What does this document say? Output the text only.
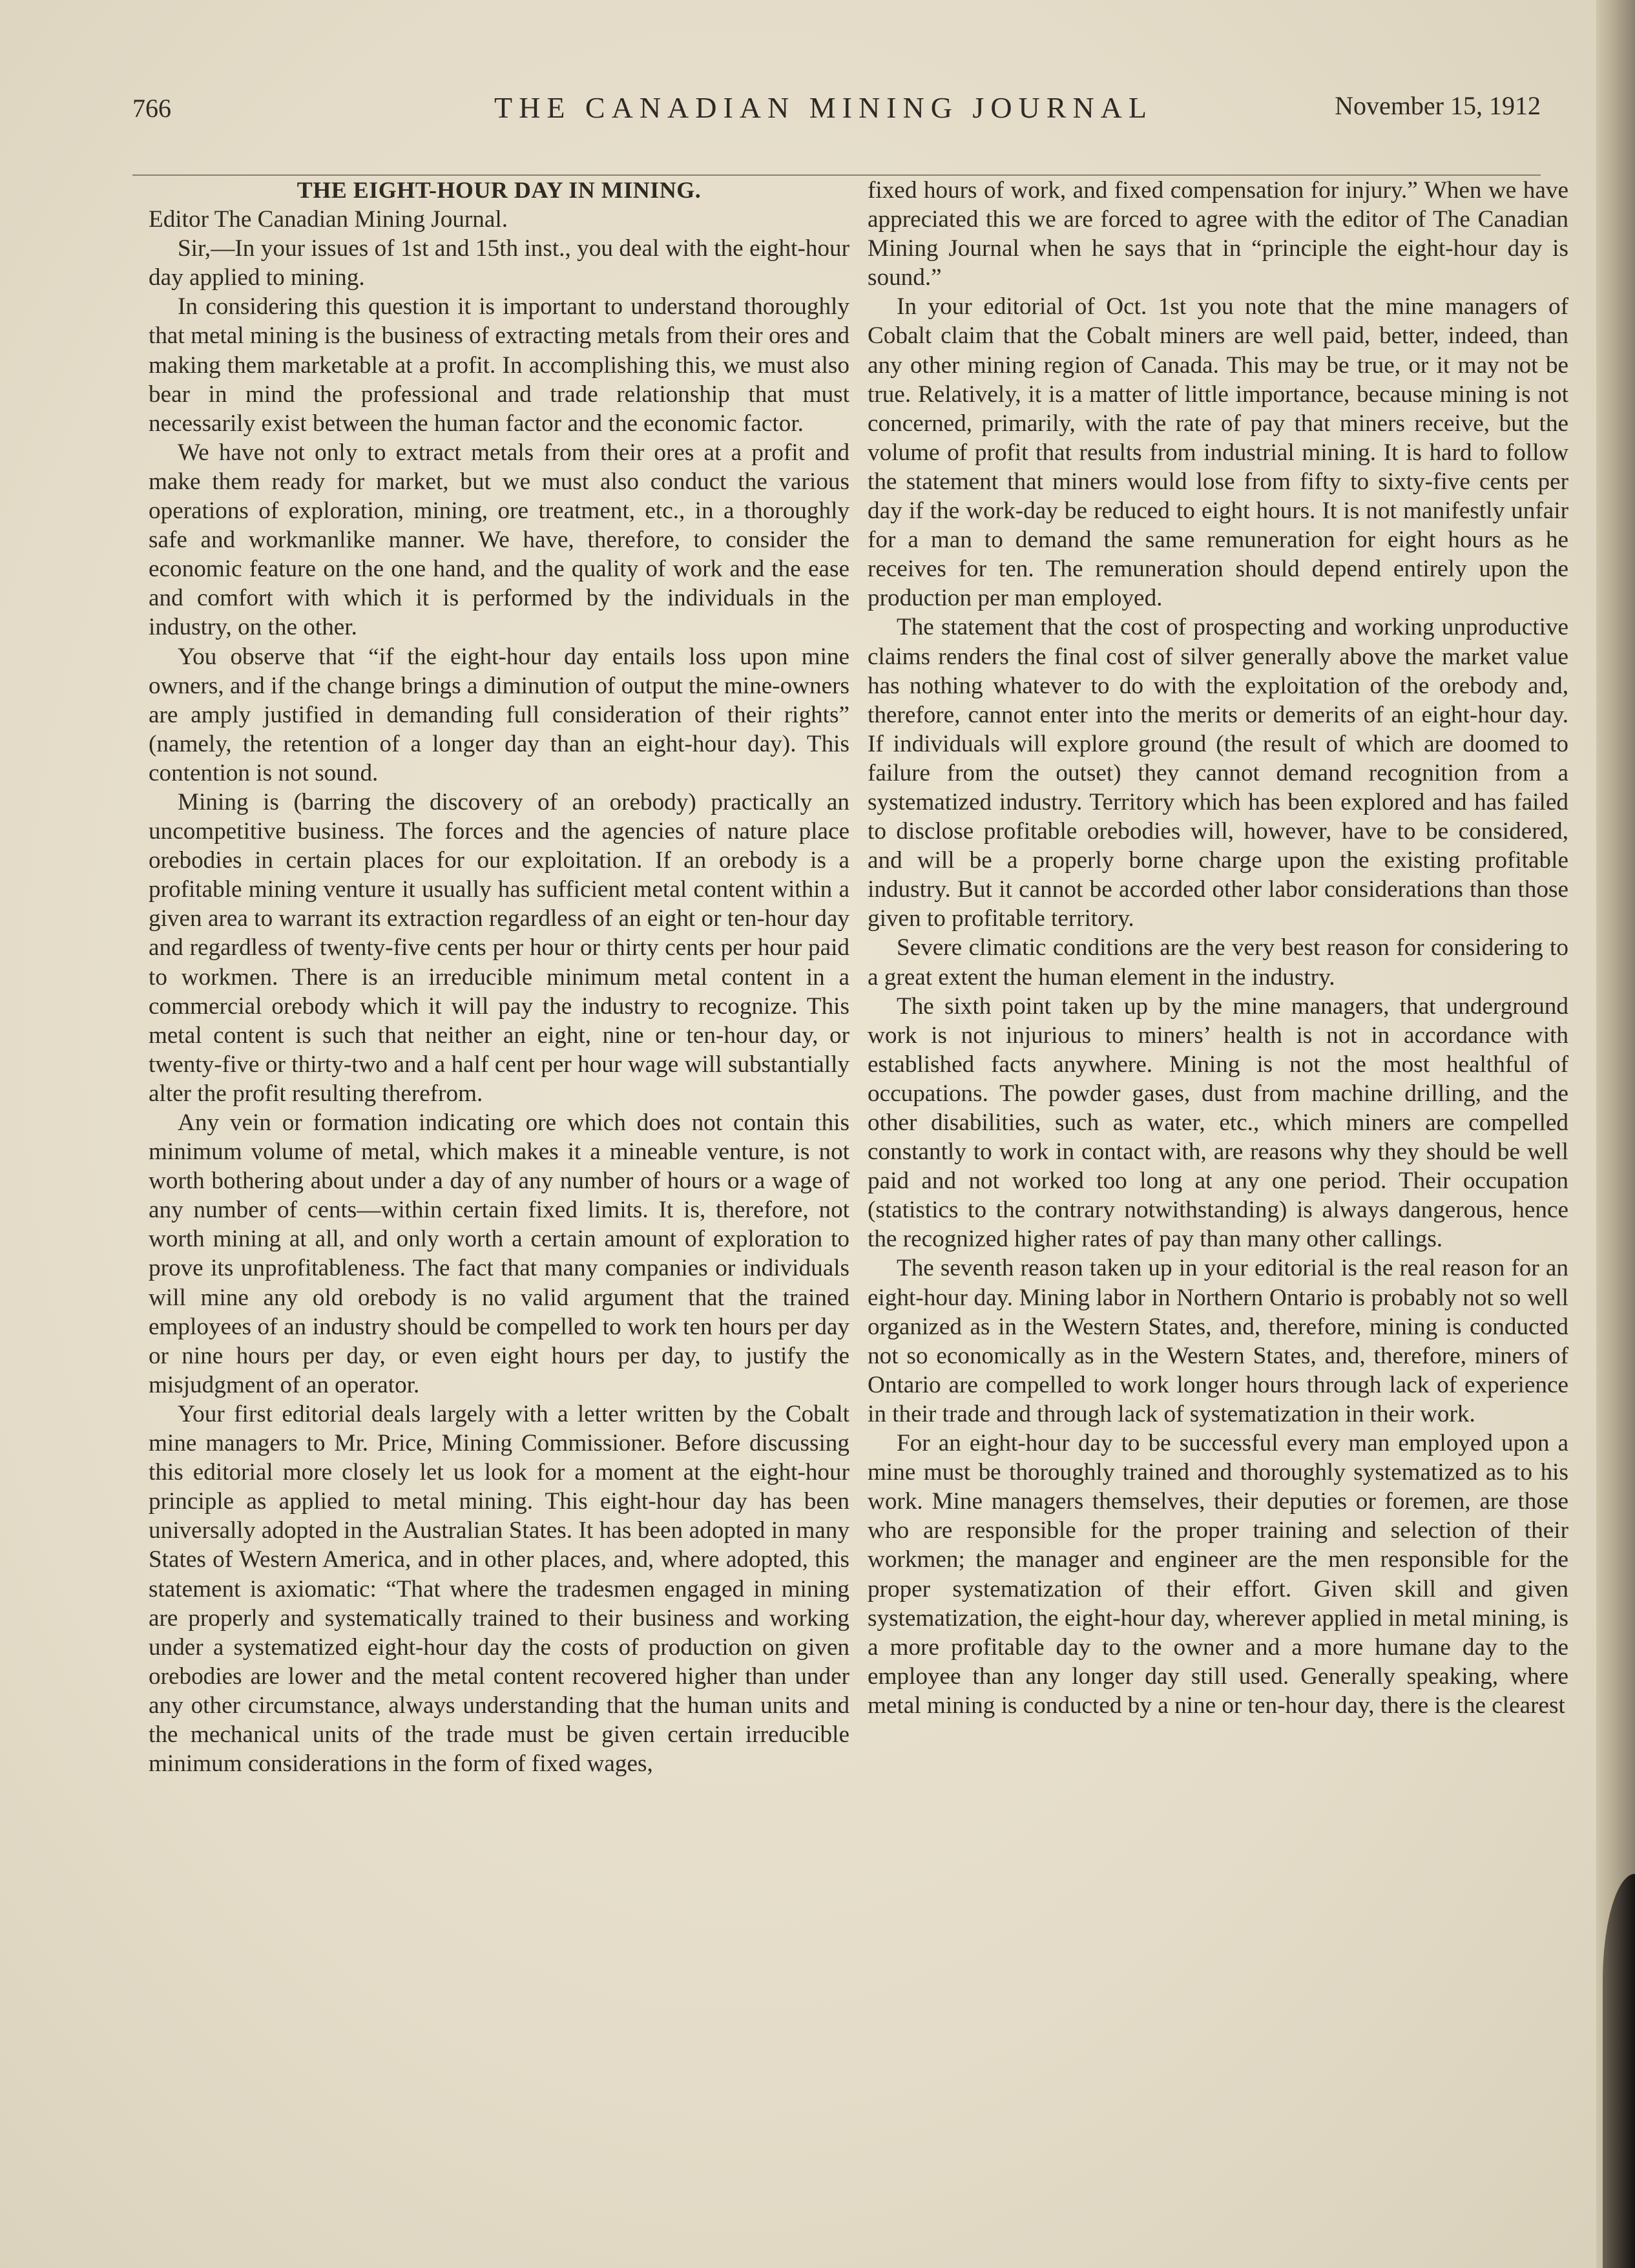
766	THE CANADIAN MINING JOURNAL	November 15, 1912
THE EIGHT-HOUR DAY IN MINING.

Editor The Canadian Mining Journal.

Sir,—In your issues of 1st and 15th inst., you deal with the eight-hour day applied to mining.

In considering this question it is important to understand thoroughly that metal mining is the business of extracting metals from their ores and making them marketable at a profit. In accomplishing this, we must also bear in mind the professional and trade relationship that must necessarily exist between the human factor and the economic factor.

We have not only to extract metals from their ores at a profit and make them ready for market, but we must also conduct the various operations of exploration, mining, ore treatment, etc., in a thoroughly safe and workmanlike manner. We have, therefore, to consider the economic feature on the one hand, and the quality of work and the ease and comfort with which it is performed by the individuals in the industry, on the other.

You observe that “if the eight-hour day entails loss upon mine owners, and if the change brings a diminution of output the mine-owners are amply justified in demanding full consideration of their rights” (namely, the retention of a longer day than an eight-hour day). This contention is not sound.

Mining is (barring the discovery of an orebody) practically an uncompetitive business. The forces and the agencies of nature place orebodies in certain places for our exploitation. If an orebody is a profitable mining venture it usually has sufficient metal content within a given area to warrant its extraction regardless of an eight or ten-hour day and regardless of twenty-five cents per hour or thirty cents per hour paid to workmen. There is an irreducible minimum metal content in a commercial orebody which it will pay the industry to recognize. This metal content is such that neither an eight, nine or ten-hour day, or twenty-five or thirty-two and a half cent per hour wage will substantially alter the profit resulting therefrom.

Any vein or formation indicating ore which does not contain this minimum volume of metal, which makes it a mineable venture, is not worth bothering about under a day of any number of hours or a wage of any number of cents—within certain fixed limits. It is, therefore, not worth mining at all, and only worth a certain amount of exploration to prove its unprofitableness. The fact that many companies or individuals will mine any old orebody is no valid argument that the trained employees of an industry should be compelled to work ten hours per day or nine hours per day, or even eight hours per day, to justify the misjudgment of an operator.

Your first editorial deals largely with a letter written by the Cobalt mine managers to Mr. Price, Mining Commissioner. Before discussing this editorial more closely let us look for a moment at the eight-hour principle as applied to metal mining. This eight-hour day has been universally adopted in the Australian States. It has been adopted in many States of Western America, and in other places, and, where adopted, this statement is axiomatic: “That where the tradesmen engaged in mining are properly and systematically trained to their business and working under a systematized eight-hour day the costs of production on given orebodies are lower and the metal content recovered higher than under any other circumstance, always understanding that the human units and the mechanical units of the trade must be given certain irreducible minimum considerations in the form of fixed wages,

fixed hours of work, and fixed compensation for injury.” When we have appreciated this we are forced to agree with the editor of The Canadian Mining Journal when he says that in “principle the eight-hour day is sound.”

In your editorial of Oct. 1st you note that the mine managers of Cobalt claim that the Cobalt miners are well paid, better, indeed, than any other mining region of Canada. This may be true, or it may not be true. Relatively, it is a matter of little importance, because mining is not concerned, primarily, with the rate of pay that miners receive, but the volume of profit that results from industrial mining. It is hard to follow the statement that miners would lose from fifty to sixty-five cents per day if the work-day be reduced to eight hours. It is not manifestly unfair for a man to demand the same remuneration for eight hours as he receives for ten. The remuneration should depend entirely upon the production per man employed.

The statement that the cost of prospecting and working unproductive claims renders the final cost of silver generally above the market value has nothing whatever to do with the exploitation of the orebody and, therefore, cannot enter into the merits or demerits of an eight-hour day. If individuals will explore ground (the result of which are doomed to failure from the outset) they cannot demand recognition from a systematized industry. Territory which has been explored and has failed to disclose profitable orebodies will, however, have to be considered, and will be a properly borne charge upon the existing profitable industry. But it cannot be accorded other labor considerations than those given to profitable territory.

Severe climatic conditions are the very best reason for considering to a great extent the human element in the industry.

The sixth point taken up by the mine managers, that underground work is not injurious to miners’ health is not in accordance with established facts anywhere. Mining is not the most healthful of occupations. The powder gases, dust from machine drilling, and the other disabilities, such as water, etc., which miners are compelled constantly to work in contact with, are reasons why they should be well paid and not worked too long at any one period. Their occupation (statistics to the contrary notwithstanding) is always dangerous, hence the recognized higher rates of pay than many other callings.

The seventh reason taken up in your editorial is the real reason for an eight-hour day. Mining labor in Northern Ontario is probably not so well organized as in the Western States, and, therefore, mining is conducted not so economically as in the Western States, and, therefore, miners of Ontario are compelled to work longer hours through lack of experience in their trade and through lack of systematization in their work.

For an eight-hour day to be successful every man employed upon a mine must be thoroughly trained and thoroughly systematized as to his work. Mine managers themselves, their deputies or foremen, are those who are responsible for the proper training and selection of their workmen; the manager and engineer are the men responsible for the proper systematization of their effort. Given skill and given systematization, the eight-hour day, wherever applied in metal mining, is a more profitable day to the owner and a more humane day to the employee than any longer day still used. Generally speaking, where metal mining is conducted by a nine or ten-hour day, there is the clearest
